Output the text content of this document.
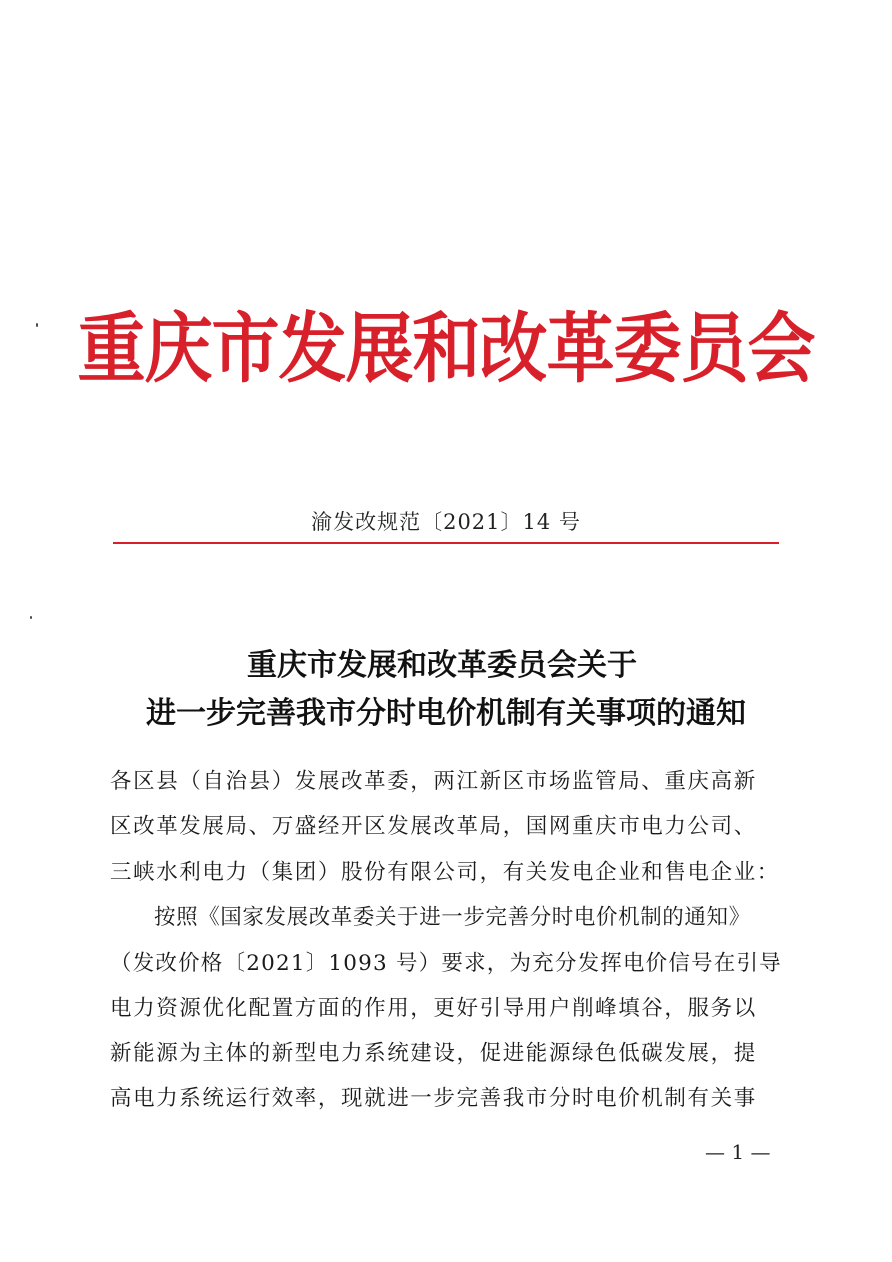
重庆市发展和改革委员会
渝发改规范〔2021〕14 号
重庆市发展和改革委员会关于
进一步完善我市分时电价机制有关事项的通知
各区县（自治县）发展改革委，两江新区市场监管局、重庆高新
区改革发展局、万盛经开区发展改革局，国网重庆市电力公司、
三峡水利电力（集团）股份有限公司，有关发电企业和售电企业：
按照《国家发展改革委关于进一步完善分时电价机制的通知》
（发改价格〔2021〕1093 号）要求，为充分发挥电价信号在引导
电力资源优化配置方面的作用，更好引导用户削峰填谷，服务以
新能源为主体的新型电力系统建设，促进能源绿色低碳发展，提
高电力系统运行效率，现就进一步完善我市分时电价机制有关事
— 1 —
